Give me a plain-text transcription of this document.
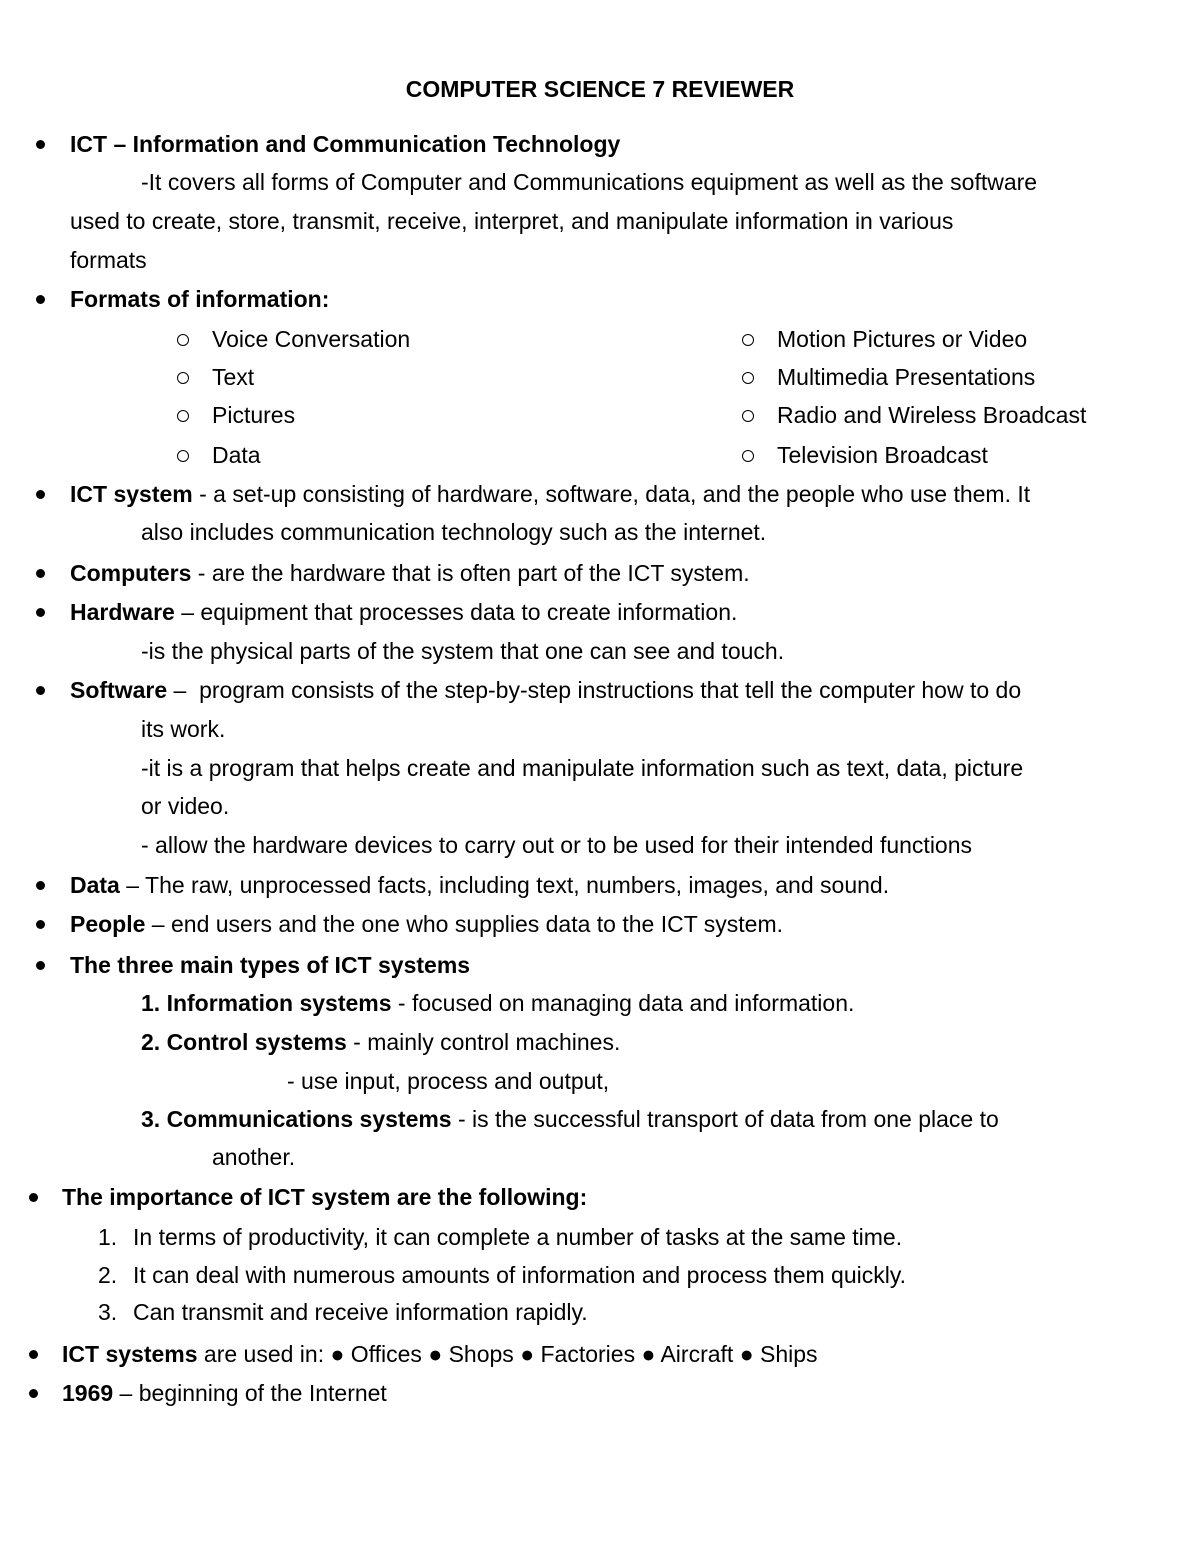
COMPUTER SCIENCE 7 REVIEWER
ICT – Information and Communication Technology
-It covers all forms of Computer and Communications equipment as well as the software
used to create, store, transmit, receive, interpret, and manipulate information in various
formats
Formats of information:
Voice Conversation
Text
Pictures
Data
Motion Pictures or Video
Multimedia Presentations
Radio and Wireless Broadcast
Television Broadcast
ICT system - a set-up consisting of hardware, software, data, and the people who use them. It
also includes communication technology such as the internet.
Computers - are the hardware that is often part of the ICT system.
Hardware – equipment that processes data to create information.
-is the physical parts of the system that one can see and touch.
Software –  program consists of the step-by-step instructions that tell the computer how to do
its work.
-it is a program that helps create and manipulate information such as text, data, picture
or video.
- allow the hardware devices to carry out or to be used for their intended functions
Data – The raw, unprocessed facts, including text, numbers, images, and sound.
People – end users and the one who supplies data to the ICT system.
The three main types of ICT systems
1. Information systems - focused on managing data and information.
2. Control systems - mainly control machines.
- use input, process and output,
3. Communications systems - is the successful transport of data from one place to
another.
The importance of ICT system are the following:
1. In terms of productivity, it can complete a number of tasks at the same time.
2. It can deal with numerous amounts of information and process them quickly.
3. Can transmit and receive information rapidly.
ICT systems are used in: ● Offices ● Shops ● Factories ● Aircraft ● Ships
1969 – beginning of the Internet
